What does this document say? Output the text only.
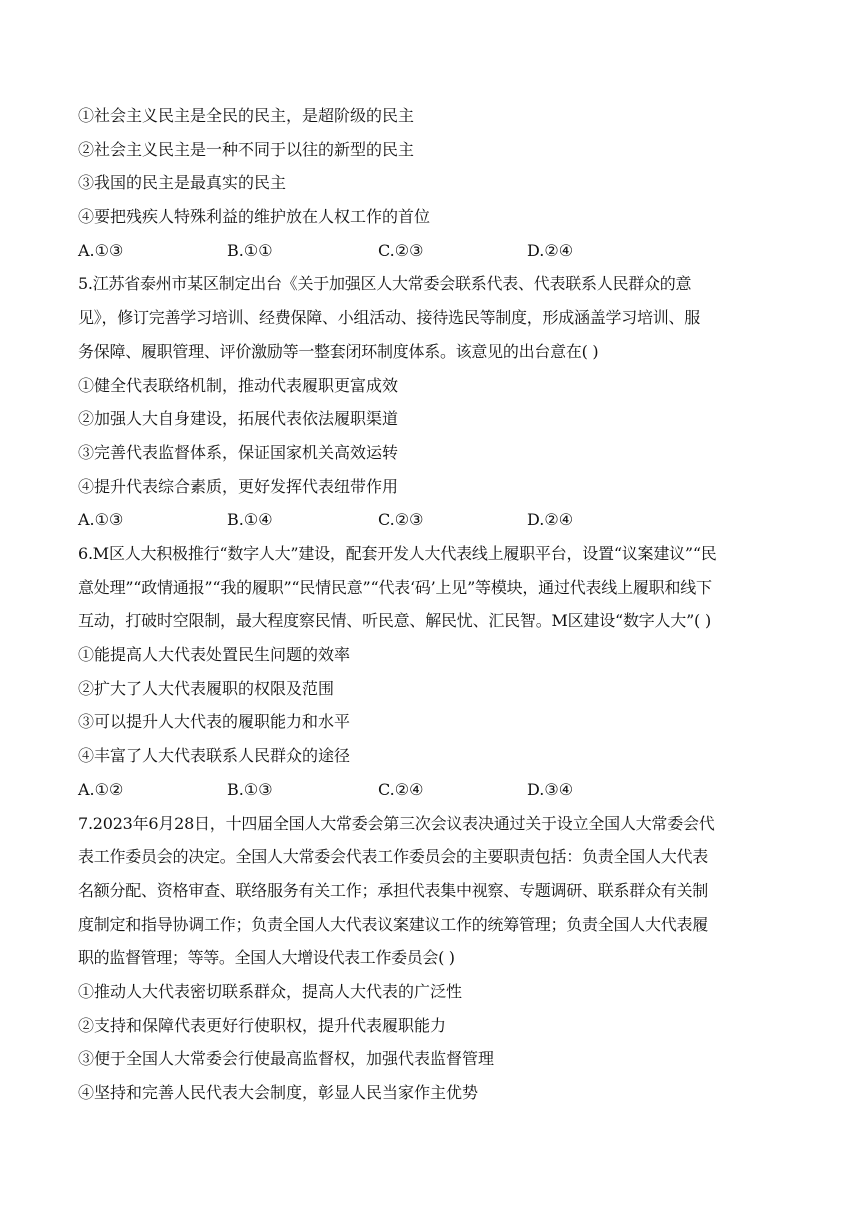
①社会主义民主是全民的民主，是超阶级的民主
②社会主义民主是一种不同于以往的新型的民主
③我国的民主是最真实的民主
④要把残疾人特殊利益的维护放在人权工作的首位
A.①③	B.①①	C.②③	D.②④
5.江苏省泰州市某区制定出台《关于加强区人大常委会联系代表、代表联系人民群众的意
见》，修订完善学习培训、经费保障、小组活动、接待选民等制度，形成涵盖学习培训、服
务保障、履职管理、评价激励等一整套闭环制度体系。该意见的出台意在( )
①健全代表联络机制，推动代表履职更富成效
②加强人大自身建设，拓展代表依法履职渠道
③完善代表监督体系，保证国家机关高效运转
④提升代表综合素质，更好发挥代表纽带作用
A.①③	B.①④	C.②③	D.②④
6.M区人大积极推行“数字人大”建设，配套开发人大代表线上履职平台，设置“议案建议”“民
意处理”“政情通报”“我的履职”“民情民意”“代表‘码’上见”等模块，通过代表线上履职和线下
互动，打破时空限制，最大程度察民情、听民意、解民忧、汇民智。M区建设“数字人大”( )
①能提高人大代表处置民生问题的效率
②扩大了人大代表履职的权限及范围
③可以提升人大代表的履职能力和水平
④丰富了人大代表联系人民群众的途径
A.①②	B.①③	C.②④	D.③④
7.2023年6月28日，十四届全国人大常委会第三次会议表决通过关于设立全国人大常委会代
表工作委员会的决定。全国人大常委会代表工作委员会的主要职责包括：负责全国人大代表
名额分配、资格审查、联络服务有关工作；承担代表集中视察、专题调研、联系群众有关制
度制定和指导协调工作；负责全国人大代表议案建议工作的统筹管理；负责全国人大代表履
职的监督管理；等等。全国人大增设代表工作委员会( )
①推动人大代表密切联系群众，提高人大代表的广泛性
②支持和保障代表更好行使职权，提升代表履职能力
③便于全国人大常委会行使最高监督权，加强代表监督管理
④坚持和完善人民代表大会制度，彰显人民当家作主优势
